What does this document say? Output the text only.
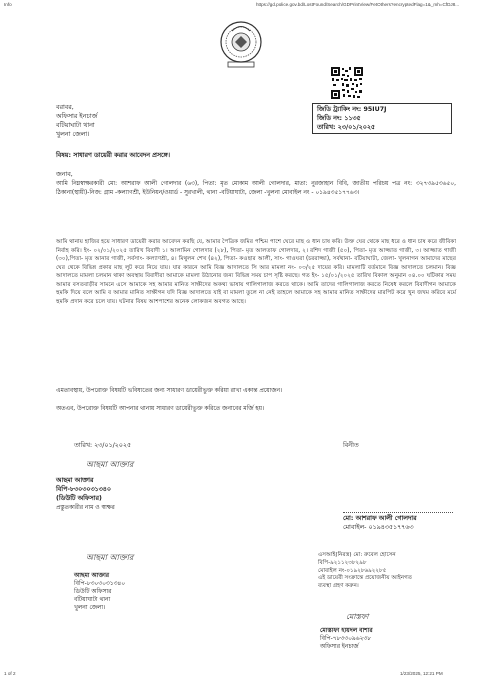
Info	https://gd.police.gov.bd/LostFound/Search/GDPrintView/FetOthers?encryptedFlag=1&_mh=CfDJ8...
জিডি ট্র্যাকিং নং: 95IU7J
জিডি নং: ১১৩৫
তারিখ: ২৩/০১/২০২৫
বরাবর,
অফিসার ইনচার্জ
বটিয়াঘাটা থানা
খুলনা জেলা।
বিষয়: সাধারণ ডায়েরী করার আবেদন প্রসঙ্গে।
জনাব,
আমি নিম্নস্বাক্ষরকারী মো: আশরাফ আলী গোলদার (৬৩), পিতা: মৃত মোকাম আলী গোলদার, মাতা: নুরজাহান বিবি, জাতীয় পরিচয় পত্র নং: ৩২৭৩৯৫৩৬৫০, ঠিকানা(স্থায়ী)-নিজ: গ্রাম -কল্যাণশ্রী, ইউনিয়ন/ওয়ার্ড - সুরখালী, থানা -বটিয়াঘাটা, জেলা -খুলনা মোবাইল নং - ০১৯৪৩৫১৭৭৬৩।
আমি থানায় হাজির হয়ে সাধারণ ডায়েরী করার আবেদন করছি যে, আমার পৈত্রিক জমির পশ্চিম পাশে ঘেরে মাছ ও ধান চাষ করি। উক্ত ঘের থেকে মাছ ধরে ও ধান চাষ করে জীবিকা নির্বাহ করি। ইং- ০২/০১/২০২৫ তারিখ বিবাদী ১। আলামিন গোলদার (২৮), পিতা- মৃত আলতাফ গোলদার, ২। রশিদ গাজী (৫০), পিতা- মৃত আজ্জাত গাজী, ৩। আজ্জাত গাজী (৩০),পিতা- মৃত আনার গাজী, সর্বসাং- কল্যাণশ্রী, ৪। মিথুলন শেখ (৪২), পিতা- কওছার আলী, সাং- গাওঘরা (চররাজ্জা), সর্বথানা- বটিয়াঘাটা, জেলা- খুলনাগন আমাদের মাছের ঘের থেকে বিভিন্ন প্রকার মাছ লুট করে নিয়ে যায়। যার কারনে আমি বিজ্ঞ আদালতে সি আর মামলা নং- ০৩/২৫ দায়ের করি। মামলাটি বর্তমানে বিজ্ঞ আদালতে চলমান। বিজ্ঞ আদালতে মামলা চলমান থাকা অবস্থায় বিবাদীরা আমাকে মামলা উঠানোর জন্য বিভিন্ন সময় চাপ সৃষ্টি করছে। গত ইং- ১৫/০১/২০২৫ তারিখ বিকাল অনুমান ০৪.০০ ঘটিকার সময় আমার বসতবাড়ীর সামনে এসে আমাকে সহ আমার মানিত সাক্ষীদের অকথ্য ভাষায় গালিগালাজ করতে থাকে। আমি তাদের গালিগালাজ করতে নিষেধ করলে বিবাদীগন আমাকে হুমকি দিয়ে বলে আমি ব আমার মানিত সাক্ষীগন যদি বিজ্ঞ আদালতে যাই বা মামলা তুলে না নেই তাহলে আমাকে সহ আমার মানিত সাক্ষীদের মারপিট করে খুন জখম করিবে মর্মে হুমকি প্রদান করে চলে যায়। ঘটনার বিষয় আশপাশের অনেক লোকজন অবগত আছে।
এমতাবস্থায়, উপরোক্ত বিষয়টি ভবিষ্যতের জন্য সাধারণ ডায়েরীভুক্ত করিয়া রাখা একান্ত প্রয়োজন।
অতএব, উপরোক্ত বিষয়টি আপনার থানায় সাধারণ ডায়েরীভুক্ত করিতে জনাবের মর্জি হয়।
তারিখ: ২৩/০১/২০২৫	বিনীত
আছমা আক্তার
আছমা আক্তার
বিপি-৮৩০৩০৩১৩৪০
(ডিউটি অফিসার)
প্রস্তুতকারীর নাম ও স্বাক্ষর
মো: আশরাফ আলী গোলদার
মোবাইল- ০১৯৪৩৫১৭৭৬৩
আছমা আক্তার
আছমা আক্তার
বিপি-৮৩০৩০৩১৩৪০
ডিউটি অফিসার
বটিয়াঘাটা থানা
খুলনা জেলা।
এসআই(নিরস্ত্র) মো: রুবেল হোসেন
বিপি-৯২১১২৩৮২৯৮
মোবাইল নং-০১৯২৮৬৯২২৮৫
এই ডায়েরী সংক্রান্তে প্রয়োজনীয় আইনগত
ব্যবস্থা গ্রহণ করুন।
মোস্তফা
মোস্তাফা হায়দল বাশার
বিপি-৭৮৩৩০৯৬২৩৮
অফিসার ইনচার্জ
1 of 2	1/23/2025, 12:21 PM
